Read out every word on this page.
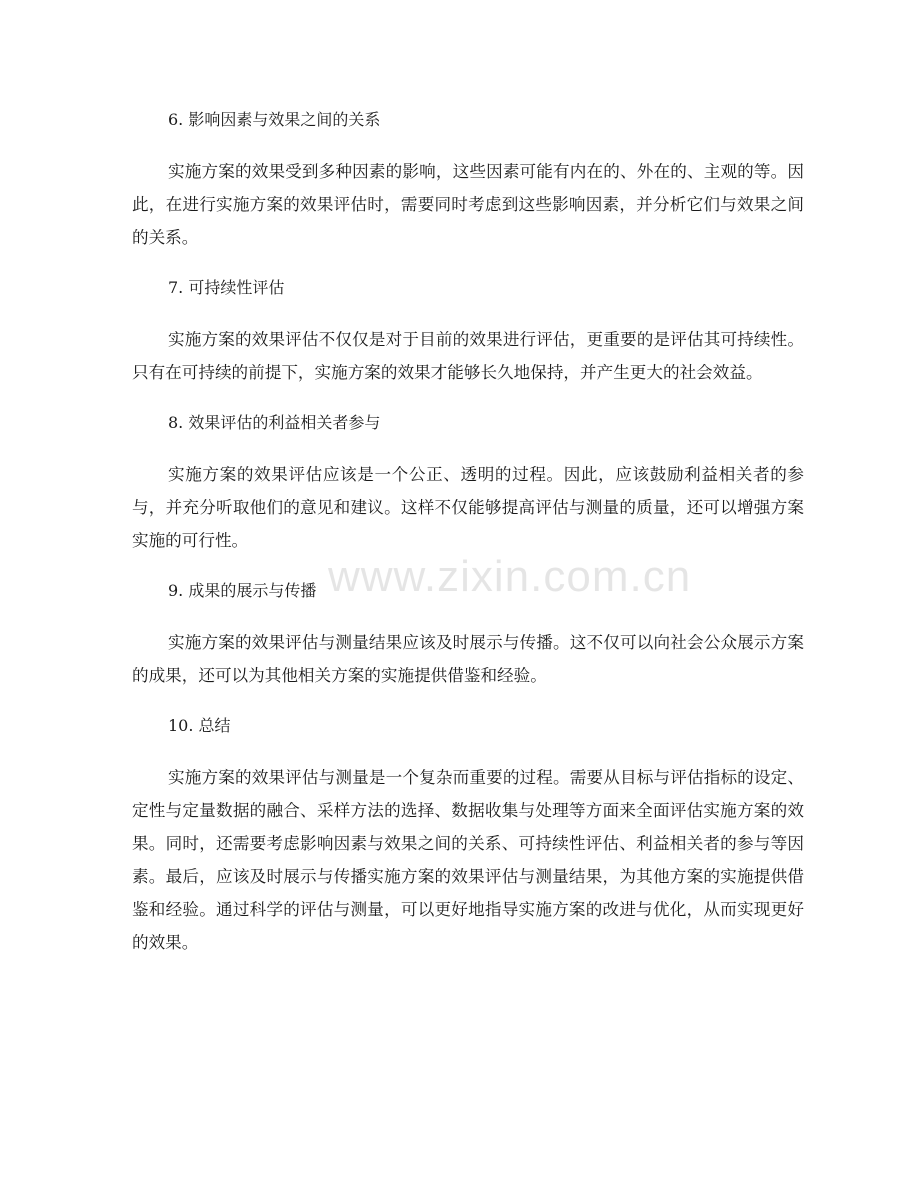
6. 影响因素与效果之间的关系

实施方案的效果受到多种因素的影响，这些因素可能有内在的、外在的、主观的等。因此，在进行实施方案的效果评估时，需要同时考虑到这些影响因素，并分析它们与效果之间的关系。

7. 可持续性评估

实施方案的效果评估不仅仅是对于目前的效果进行评估，更重要的是评估其可持续性。只有在可持续的前提下，实施方案的效果才能够长久地保持，并产生更大的社会效益。

8. 效果评估的利益相关者参与

实施方案的效果评估应该是一个公正、透明的过程。因此，应该鼓励利益相关者的参与，并充分听取他们的意见和建议。这样不仅能够提高评估与测量的质量，还可以增强方案实施的可行性。

9. 成果的展示与传播

实施方案的效果评估与测量结果应该及时展示与传播。这不仅可以向社会公众展示方案的成果，还可以为其他相关方案的实施提供借鉴和经验。

10. 总结

实施方案的效果评估与测量是一个复杂而重要的过程。需要从目标与评估指标的设定、定性与定量数据的融合、采样方法的选择、数据收集与处理等方面来全面评估实施方案的效果。同时，还需要考虑影响因素与效果之间的关系、可持续性评估、利益相关者的参与等因素。最后，应该及时展示与传播实施方案的效果评估与测量结果，为其他方案的实施提供借鉴和经验。通过科学的评估与测量，可以更好地指导实施方案的改进与优化，从而实现更好的效果。

www.zixin.com.cn
